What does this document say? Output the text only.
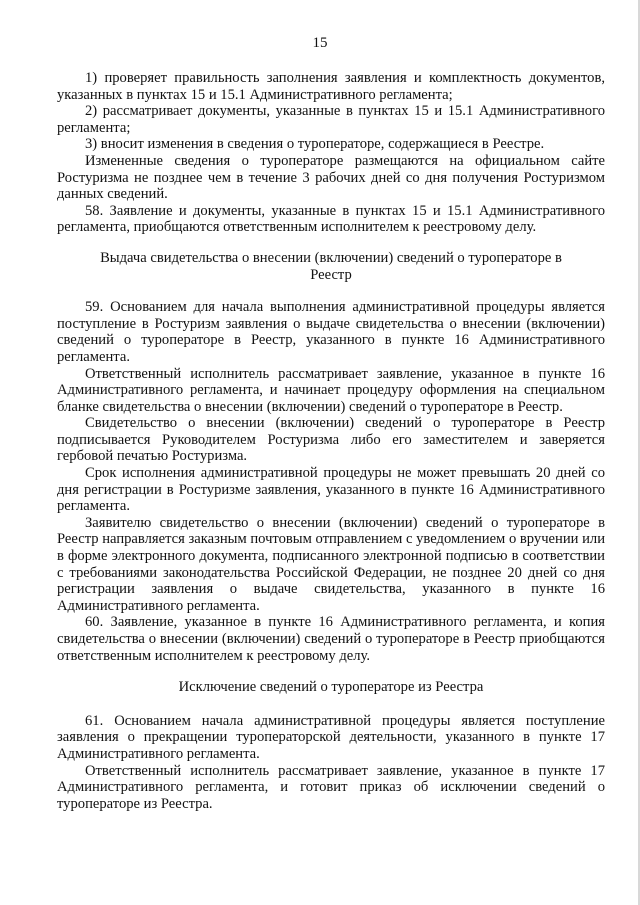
15

1) проверяет правильность заполнения заявления и комплектность документов, указанных в пунктах 15 и 15.1 Административного регламента;

2) рассматривает документы, указанные в пунктах 15 и 15.1 Административного регламента;

3) вносит изменения в сведения о туроператоре, содержащиеся в Реестре.

Измененные сведения о туроператоре размещаются на официальном сайте Ростуризма не позднее чем в течение 3 рабочих дней со дня получения Ростуризмом данных сведений.

58. Заявление и документы, указанные в пунктах 15 и 15.1 Административного регламента, приобщаются ответственным исполнителем к реестровому делу.

Выдача свидетельства о внесении (включении) сведений о туроператоре в Реестр

59. Основанием для начала выполнения административной процедуры является поступление в Ростуризм заявления о выдаче свидетельства о внесении (включении) сведений о туроператоре в Реестр, указанного в пункте 16 Административного регламента.

Ответственный исполнитель рассматривает заявление, указанное в пункте 16 Административного регламента, и начинает процедуру оформления на специальном бланке свидетельства о внесении (включении) сведений о туроператоре в Реестр.

Свидетельство о внесении (включении) сведений о туроператоре в Реестр подписывается Руководителем Ростуризма либо его заместителем и заверяется гербовой печатью Ростуризма.

Срок исполнения административной процедуры не может превышать 20 дней со дня регистрации в Ростуризме заявления, указанного в пункте 16 Административного регламента.

Заявителю свидетельство о внесении (включении) сведений о туроператоре в Реестр направляется заказным почтовым отправлением с уведомлением о вручении или в форме электронного документа, подписанного электронной подписью в соответствии с требованиями законодательства Российской Федерации, не позднее 20 дней со дня регистрации заявления о выдаче свидетельства, указанного в пункте 16 Административного регламента.

60. Заявление, указанное в пункте 16 Административного регламента, и копия свидетельства о внесении (включении) сведений о туроператоре в Реестр приобщаются ответственным исполнителем к реестровому делу.

Исключение сведений о туроператоре из Реестра

61. Основанием начала административной процедуры является поступление заявления о прекращении туроператорской деятельности, указанного в пункте 17 Административного регламента.

Ответственный исполнитель рассматривает заявление, указанное в пункте 17 Административного регламента, и готовит приказ об исключении сведений о туроператоре из Реестра.
